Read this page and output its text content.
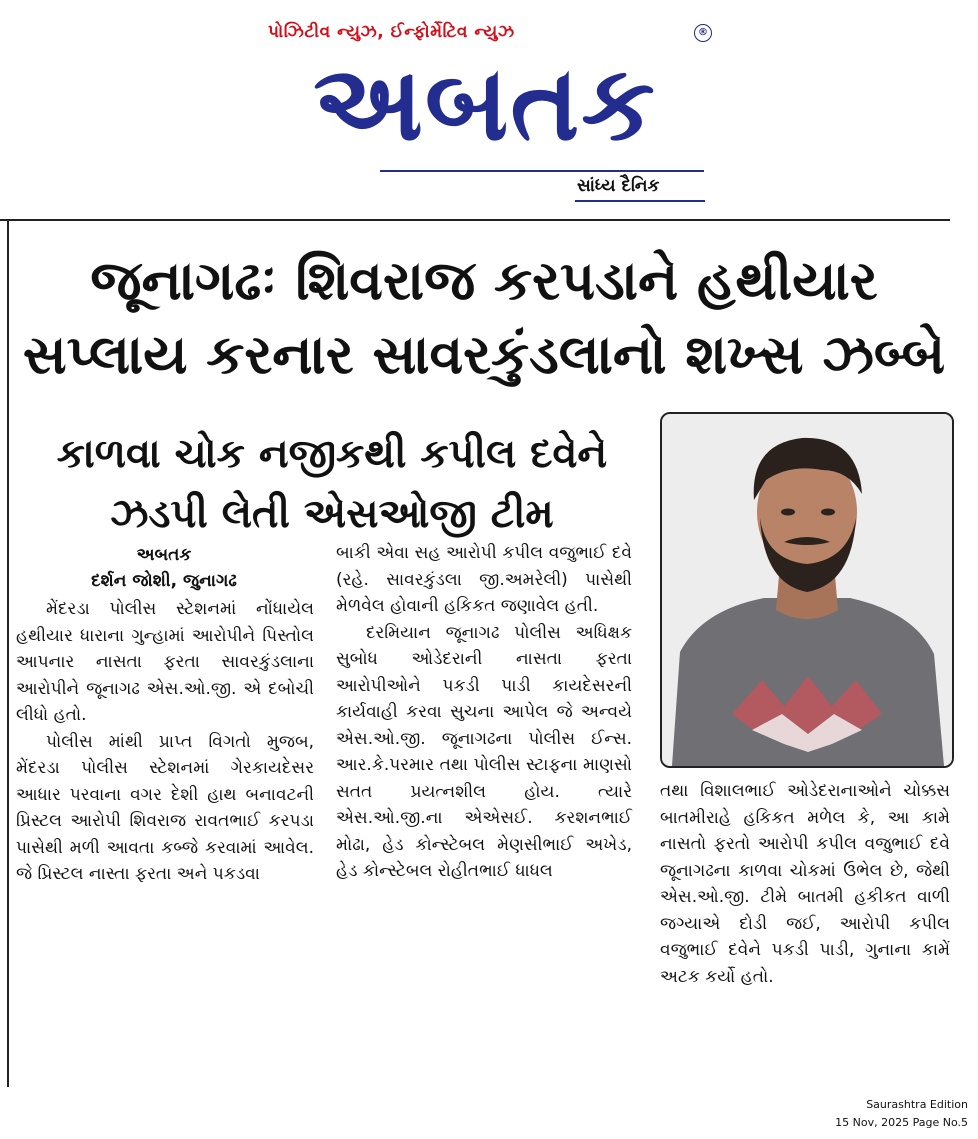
પોઝિટીવ ન્યુઝ, ઈન્ફોર્મેટિવ ન્યુઝ	®
અબતક
સાંધ્ય દૈનિક
જૂનાગઢઃ શિવરાજ કરપડાને હથીયાર
સપ્લાય કરનાર સાવરકુંડલાનો શખ્સ ઝબ્બે
કાળવા ચોક નજીકથી કપીલ દવેને
ઝડપી લેતી એસઓજી ટીમ
અબતક
દર્શન જોશી, જુનાગઢ

મેંદરડા પોલીસ સ્ટેશનમાં નોંધાયેલ હથીયાર ધારાના ગુન્હામાં આરોપીને પિસ્તોલ આપનાર નાસતા ફરતા સાવરકુંડલાના આરોપીને જૂનાગઢ એસ.ઓ.જી. એ દબોચી લીધો હતો.

પોલીસ માંથી પ્રાપ્ત વિગતો મુજબ, મેંદરડા પોલીસ સ્ટેશનમાં ગેરકાયદેસર આધાર પરવાના વગર દેશી હાથ બનાવટની પ્રિસ્ટલ આરોપી શિવરાજ રાવતભાઈ કરપડા પાસેથી મળી આવતા કબ્જે કરવામાં આવેલ. જે પ્રિસ્ટલ નાસ્તા ફરતા અને પકડવા

બાકી એવા સહ આરોપી કપીલ વજુભાઈ દવે (રહે. સાવરકુંડલા જી.અમરેલી) પાસેથી મેળવેલ હોવાની હકિકત જણાવેલ હતી.

દરમિયાન જૂનાગઢ પોલીસ અધિક્ષક સુબોધ ઓડેદરાની નાસતા ફરતા આરોપીઓને પકડી પાડી કાયદેસરની કાર્યવાહી કરવા સુચના આપેલ જે અન્વયે એસ.ઓ.જી. જૂનાગઢના પોલીસ ઈન્સ. આર.કે.પરમાર તથા પોલીસ સ્ટાફના માણસો સતત પ્રયત્નશીલ હોય. ત્યારે એસ.ઓ.જી.ના એએસઈ. કરશનભાઈ મોઢા, હેડ કોન્સ્ટેબલ મેણસીભાઈ અખેડ, હેડ કોન્સ્ટેબલ રોહીતભાઈ ધાધલ

તથા વિશાલભાઈ ઓડેદરાનાઓને ચોક્કસ બાતમીરાહે હકિકત મળેલ કે, આ કામે નાસતો ફરતો આરોપી કપીલ વજુભાઈ દવે જૂનાગઢના કાળવા ચોકમાં ઉભેલ છે, જેથી એસ.ઓ.જી. ટીમે બાતમી હકીકત વાળી જગ્યાએ દોડી જઈ, આરોપી કપીલ વજુભાઈ દવેને પકડી પાડી, ગુનાના કામેં અટક કર્યો હતો.

Saurashtra Edition
15 Nov, 2025 Page No.5
